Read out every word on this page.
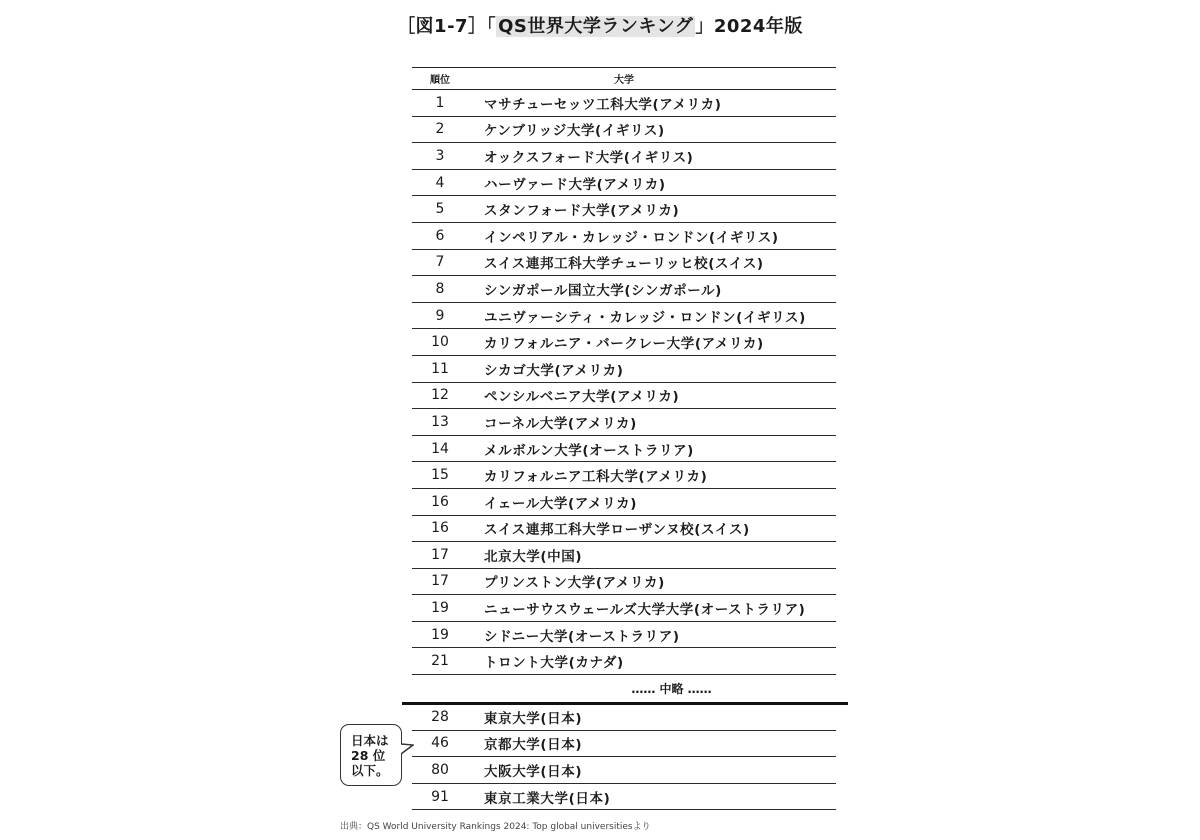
［図1-7］「 QS世界大学ランキング 」2024年版
順位	大学
1	マサチューセッツ工科大学(アメリカ)
2	ケンブリッジ大学(イギリス)
3	オックスフォード大学(イギリス)
4	ハーヴァード大学(アメリカ)
5	スタンフォード大学(アメリカ)
6	インペリアル・カレッジ・ロンドン(イギリス)
7	スイス連邦工科大学チューリッヒ校(スイス)
8	シンガポール国立大学(シンガポール)
9	ユニヴァーシティ・カレッジ・ロンドン(イギリス)
10	カリフォルニア・バークレー大学(アメリカ)
11	シカゴ大学(アメリカ)
12	ペンシルベニア大学(アメリカ)
13	コーネル大学(アメリカ)
14	メルボルン大学(オーストラリア)
15	カリフォルニア工科大学(アメリカ)
16	イェール大学(アメリカ)
16	スイス連邦工科大学ローザンヌ校(スイス)
17	北京大学(中国)
17	プリンストン大学(アメリカ)
19	ニューサウスウェールズ大学大学(オーストラリア)
19	シドニー大学(オーストラリア)
21	トロント大学(カナダ)
…… 中略 ……
28	東京大学(日本)
46	京都大学(日本)
80	大阪大学(日本)
91	東京工業大学(日本)
日本は
28 位
以下。
出典：QS World University Rankings 2024: Top global universitiesより
